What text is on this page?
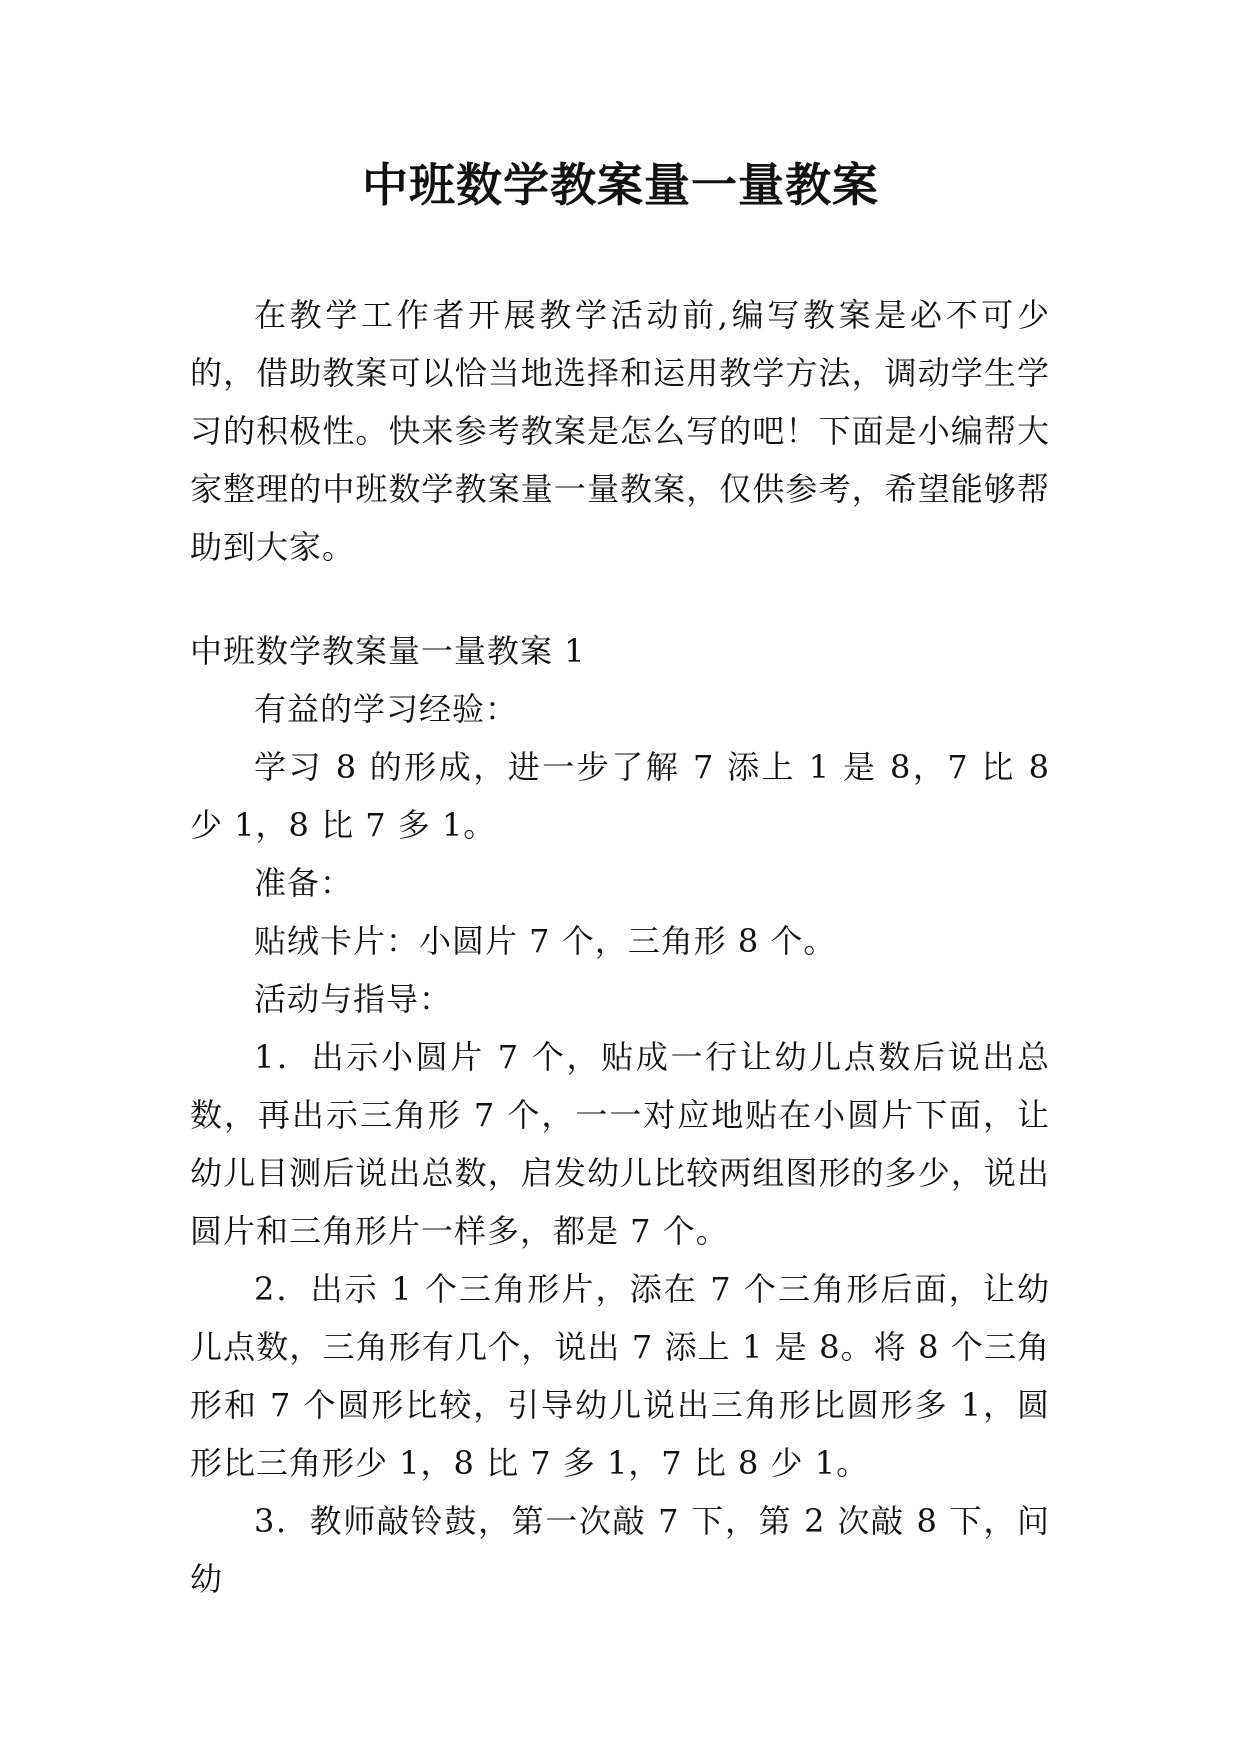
中班数学教案量一量教案

在教学工作者开展教学活动前,编写教案是必不可少的，借助教案可以恰当地选择和运用教学方法，调动学生学习的积极性。快来参考教案是怎么写的吧！下面是小编帮大家整理的中班数学教案量一量教案，仅供参考，希望能够帮助到大家。

中班数学教案量一量教案 1

有益的学习经验：

学习 8 的形成，进一步了解 7 添上 1 是 8，7 比 8 少 1，8 比 7 多 1。

准备：

贴绒卡片：小圆片 7 个，三角形 8 个。

活动与指导：

1．出示小圆片 7 个，贴成一行让幼儿点数后说出总数，再出示三角形 7 个，一一对应地贴在小圆片下面，让幼儿目测后说出总数，启发幼儿比较两组图形的多少，说出圆片和三角形片一样多，都是 7 个。

2．出示 1 个三角形片，添在 7 个三角形后面，让幼儿点数，三角形有几个，说出 7 添上 1 是 8。将 8 个三角形和 7 个圆形比较，引导幼儿说出三角形比圆形多 1，圆形比三角形少 1，8 比 7 多 1，7 比 8 少 1。

3．教师敲铃鼓，第一次敲 7 下，第 2 次敲 8 下，问幼
